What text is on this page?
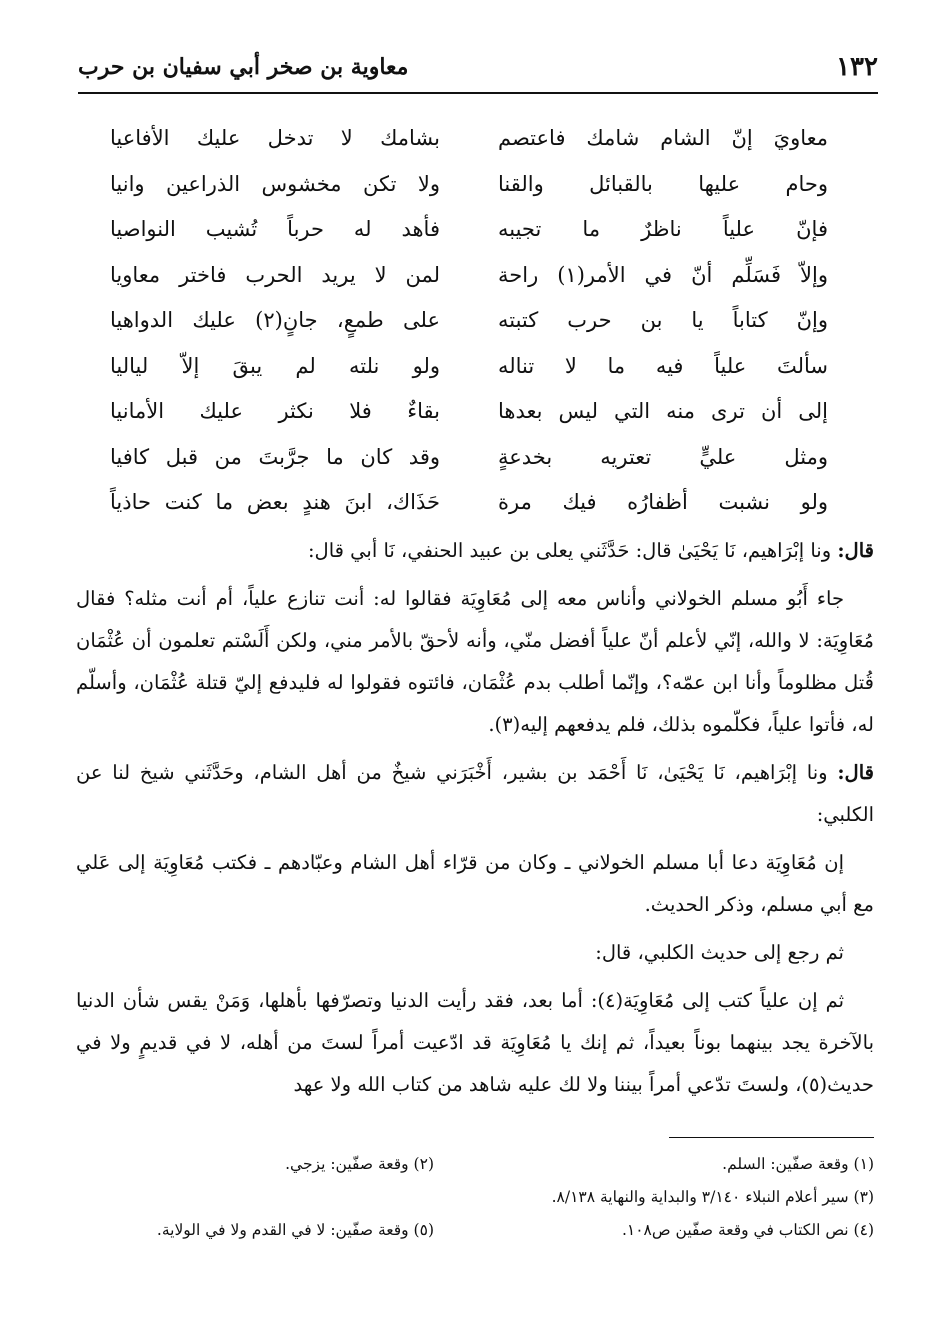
١٣٢
معاوية بن صخر أبي سفيان بن حرب
معاويَ إنّ الشام شامك فاعتصم
بشامك لا تدخل عليك الأفاعيا
وحام عليها بالقبائل والقنا
ولا تكن مخشوس الذراعين وانيا
فإنّ علياً ناظرٌ ما تجيبه
فأهد له حرباً تُشيب النواصيا
وإلاّ فَسَلِّم أنّ في الأمر(١) راحة
لمن لا يريد الحرب فاختر معاويا
وإنّ كتاباً يا بن حرب كتبته
على طمعٍ، جانٍ(٢) عليك الدواهيا
سألتَ علياً فيه ما لا تناله
ولو نلته لم يبقَ إلاّ لياليا
إلى أن ترى منه التي ليس بعدها
بقاءٌ فلا نكثر عليك الأمانيا
ومثل عليٍّ تعتريه بخدعةٍ
وقد كان ما جرَّبتَ من قبل كافيا
ولو نشبت أظفارُه فيك مرة
حَذَاك، ابنَ هندٍ بعض ما كنت حاذياً

قال: ونا إبْرَاهيم، نَا يَحْيَىٰ قال: حَدَّثَني يعلى بن عبيد الحنفي، نَا أبي قال:

جاء أَبُو مسلم الخولاني وأناس معه إلى مُعَاوِيَة فقالوا له: أنت تنازع علياً، أم أنت مثله؟ فقال مُعَاوِيَة: لا والله، إنّي لأعلم أنّ علياً أفضل منّي، وأنه لأحقّ بالأمر مني، ولكن أَلَسْتم تعلمون أن عُثْمَان قُتل مظلوماً وأنا ابن عمّه؟، وإنّما أطلب بدم عُثْمَان، فائتوه فقولوا له فليدفع إليّ قتلة عُثْمَان، وأسلّم له، فأتوا علياً، فكلّموه بذلك، فلم يدفعهم إليه(٣).

قال: ونا إبْرَاهيم، نَا يَحْيَىٰ، نَا أَحْمَد بن بشير، أَخْبَرَني شيخٌ من أهل الشام، وحَدَّثَني شيخ لنا عن الكلبي:

إن مُعَاوِيَة دعا أبا مسلم الخولاني ـ وكان من قرّاء أهل الشام وعبّادهم ـ فكتب مُعَاوِيَة إلى عَلي مع أبي مسلم، وذكر الحديث.

ثم رجع إلى حديث الكلبي، قال:

ثم إن علياً كتب إلى مُعَاوِيَة(٤): أما بعد، فقد رأيت الدنيا وتصرّفها بأهلها، وَمَنْ يقس شأن الدنيا بالآخرة يجد بينهما بوناً بعيداً، ثم إنك يا مُعَاوِيَة قد ادّعيت أمراً لستَ من أهله، لا في قديمٍ ولا في حديث(٥)، ولستَ تدّعي أمراً بيننا ولا لك عليه شاهد من كتاب الله ولا عهد

(١) وقعة صفّين: السلم.
(٢) وقعة صفّين: يزجي.
(٣) سير أعلام النبلاء ٣/١٤٠ والبداية والنهاية ٨/١٣٨.
(٤) نص الكتاب في وقعة صفّين ص١٠٨.
(٥) وقعة صفّين: لا في القدم ولا في الولاية.
